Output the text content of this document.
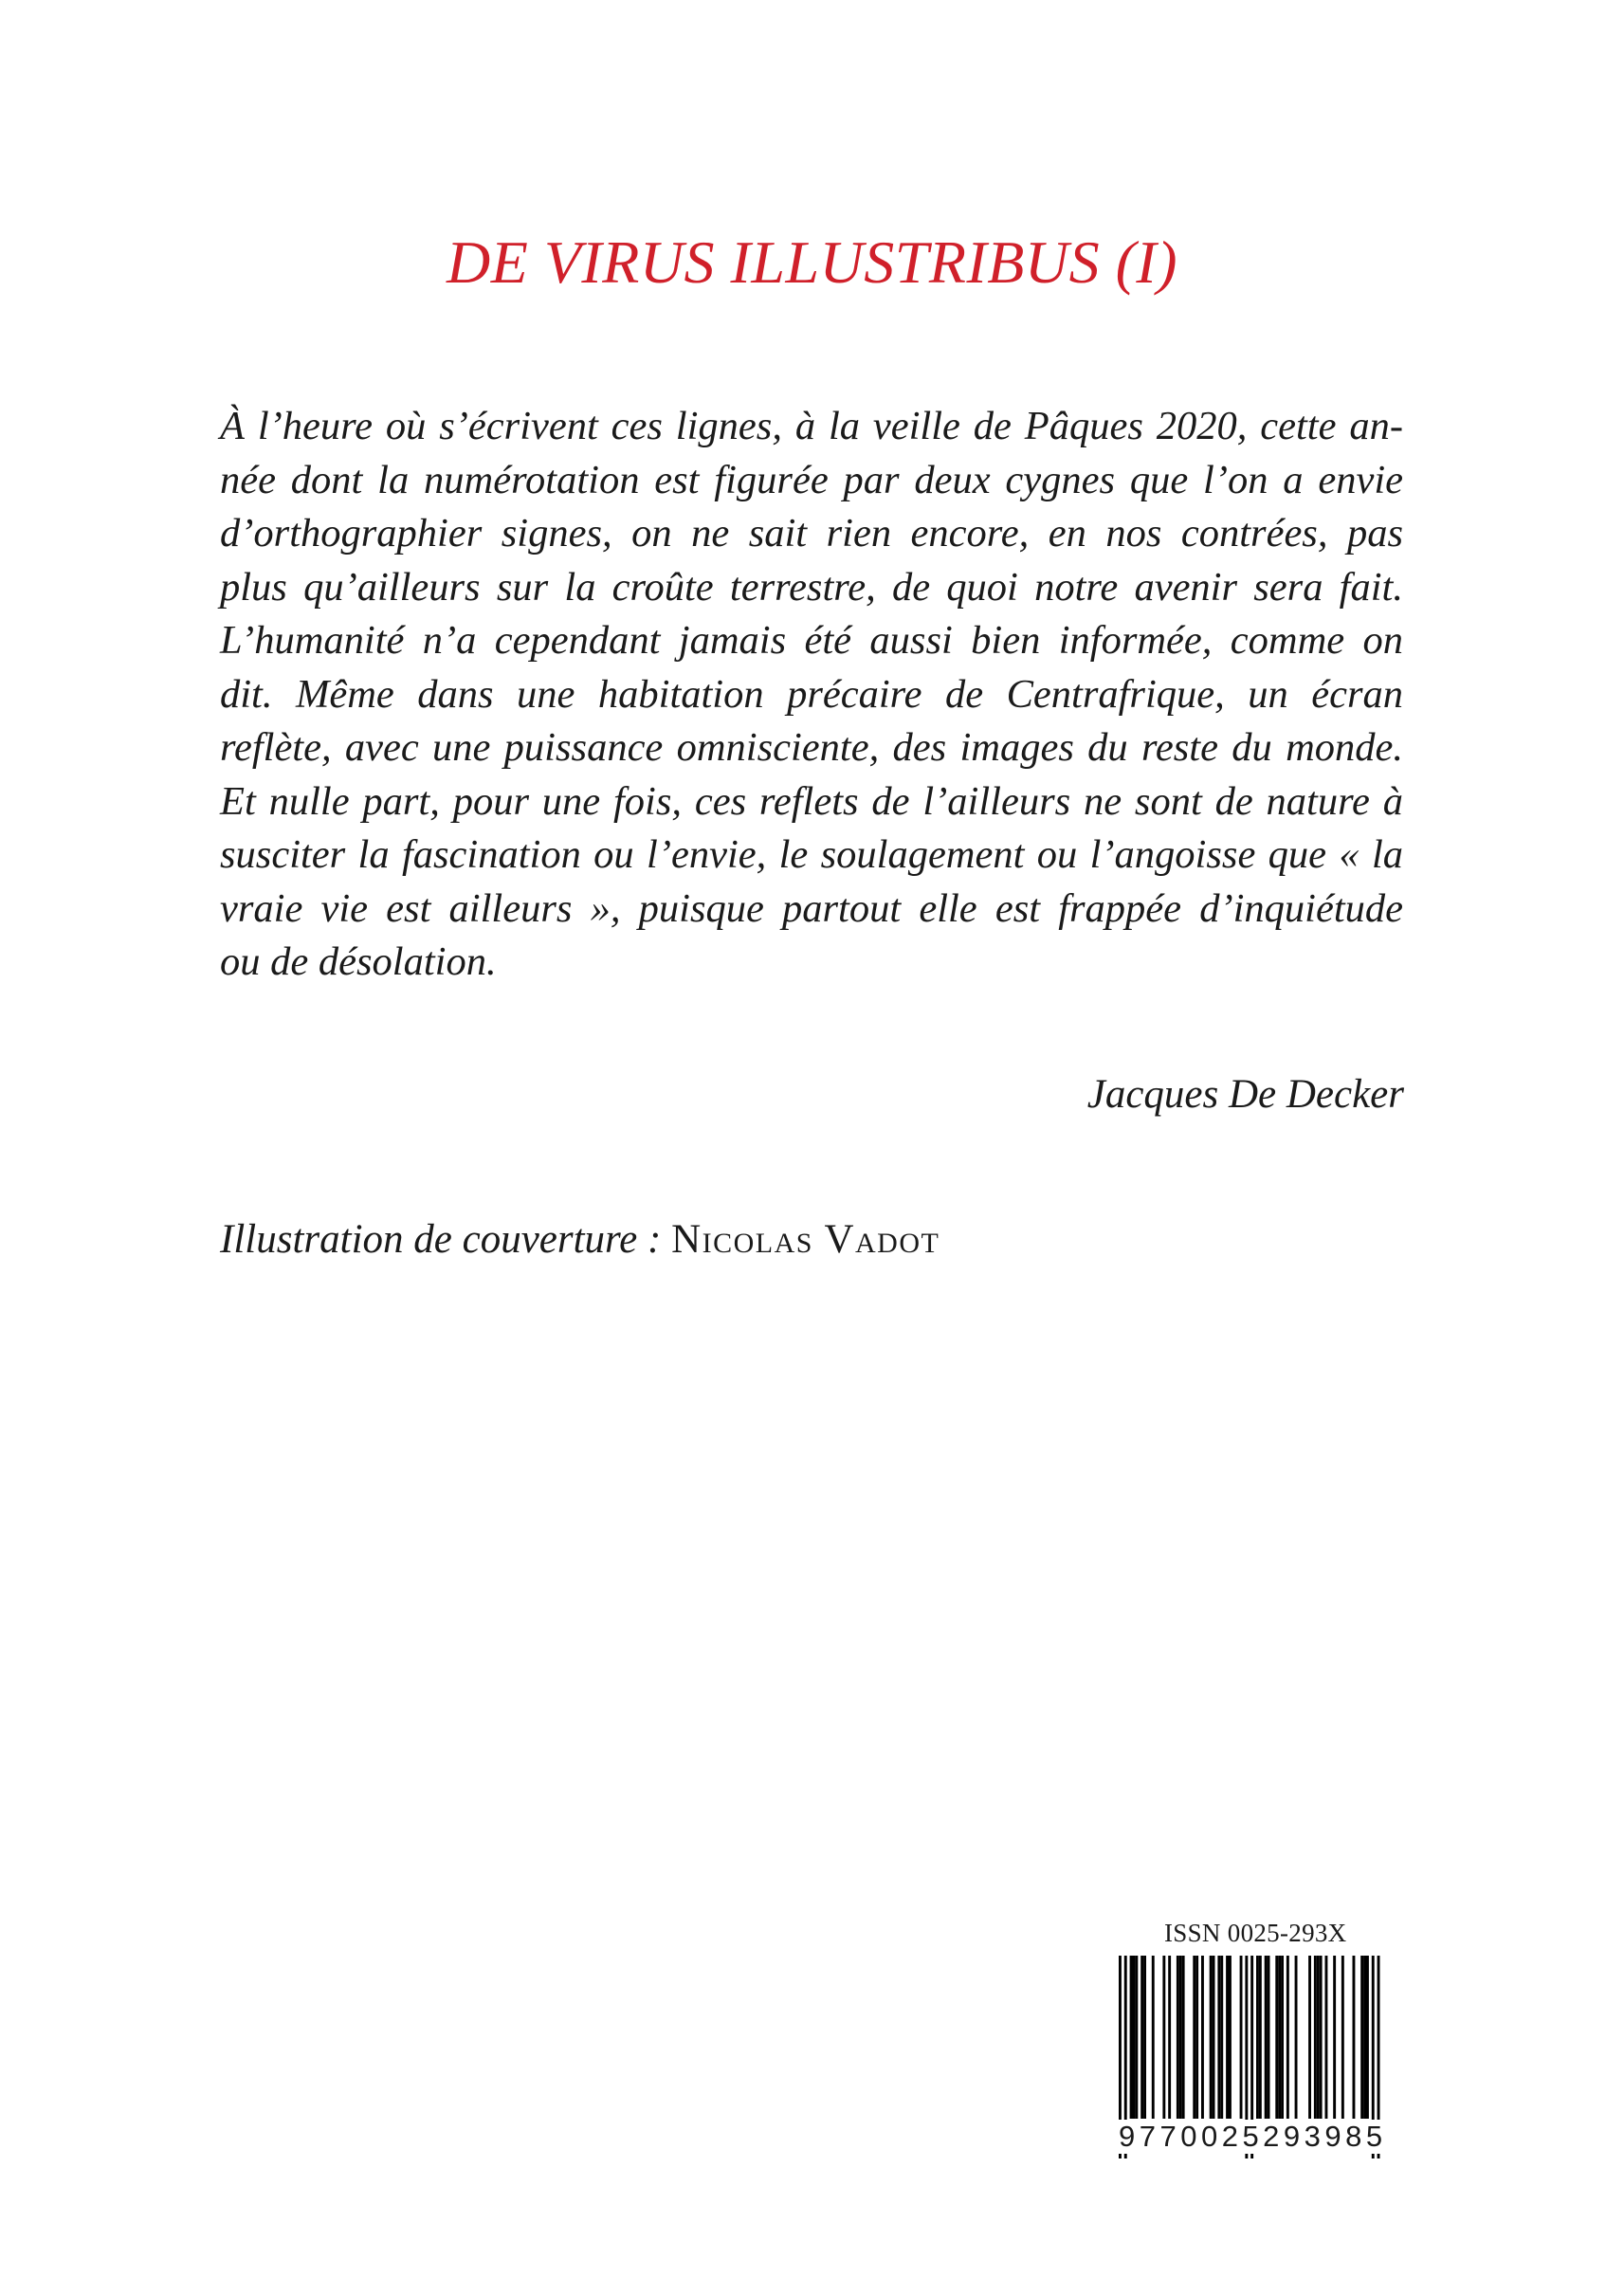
DE VIRUS ILLUSTRIBUS (I)
À l’heure où s’écrivent ces lignes, à la veille de Pâques 2020, cette an-
née dont la numérotation est figurée par deux cygnes que l’on a envie
d’orthographier signes, on ne sait rien encore, en nos contrées, pas
plus qu’ailleurs sur la croûte terrestre, de quoi notre avenir sera fait.
L’humanité n’a cependant jamais été aussi bien informée, comme on
dit. Même dans une habitation précaire de Centrafrique, un écran
reflète, avec une puissance omnisciente, des images du reste du monde.
Et nulle part, pour une fois, ces reflets de l’ailleurs ne sont de nature à
susciter la fascination ou l’envie, le soulagement ou l’angoisse que « la
vraie vie est ailleurs », puisque partout elle est frappée d’inquiétude
ou de désolation.

Jacques De Decker

Illustration de couverture : Nicolas Vadot

ISSN 0025-293X
9770025293985
